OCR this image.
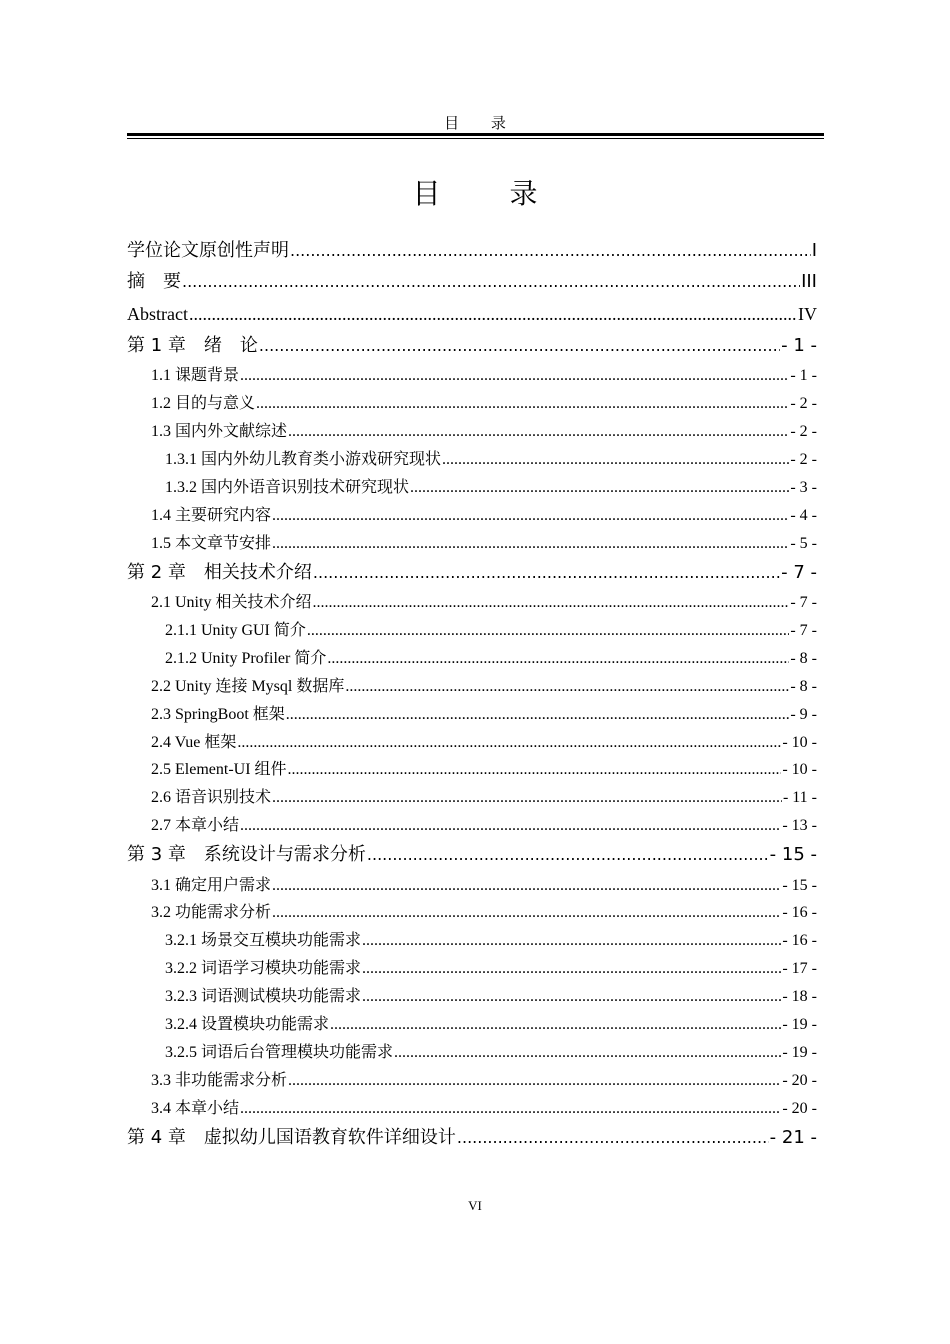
目 录
目 录
学位论文原创性声明 .....	I
摘　要 .....	III
Abstract .....	IV
第 1 章　绪　论 .....	- 1 -
1.1 课题背景 .....	- 1 -
1.2 目的与意义 .....	- 2 -
1.3 国内外文献综述 .....	- 2 -
1.3.1 国内外幼儿教育类小游戏研究现状 .....	- 2 -
1.3.2 国内外语音识别技术研究现状 .....	- 3 -
1.4 主要研究内容 .....	- 4 -
1.5 本文章节安排 .....	- 5 -
第 2 章　相关技术介绍 .....	- 7 -
2.1 Unity 相关技术介绍 .....	- 7 -
2.1.1 Unity GUI 简介 .....	- 7 -
2.1.2 Unity Profiler 简介 .....	- 8 -
2.2 Unity 连接 Mysql 数据库 .....	- 8 -
2.3 SpringBoot 框架 .....	- 9 -
2.4 Vue 框架 .....	- 10 -
2.5 Element-UI 组件 .....	- 10 -
2.6 语音识别技术 .....	- 11 -
2.7 本章小结 .....	- 13 -
第 3 章　系统设计与需求分析 .....	- 15 -
3.1 确定用户需求 .....	- 15 -
3.2 功能需求分析 .....	- 16 -
3.2.1 场景交互模块功能需求 .....	- 16 -
3.2.2 词语学习模块功能需求 .....	- 17 -
3.2.3 词语测试模块功能需求 .....	- 18 -
3.2.4 设置模块功能需求 .....	- 19 -
3.2.5 词语后台管理模块功能需求 .....	- 19 -
3.3 非功能需求分析 .....	- 20 -
3.4 本章小结 .....	- 20 -
第 4 章　虚拟幼儿国语教育软件详细设计 .....	- 21 -
VI
